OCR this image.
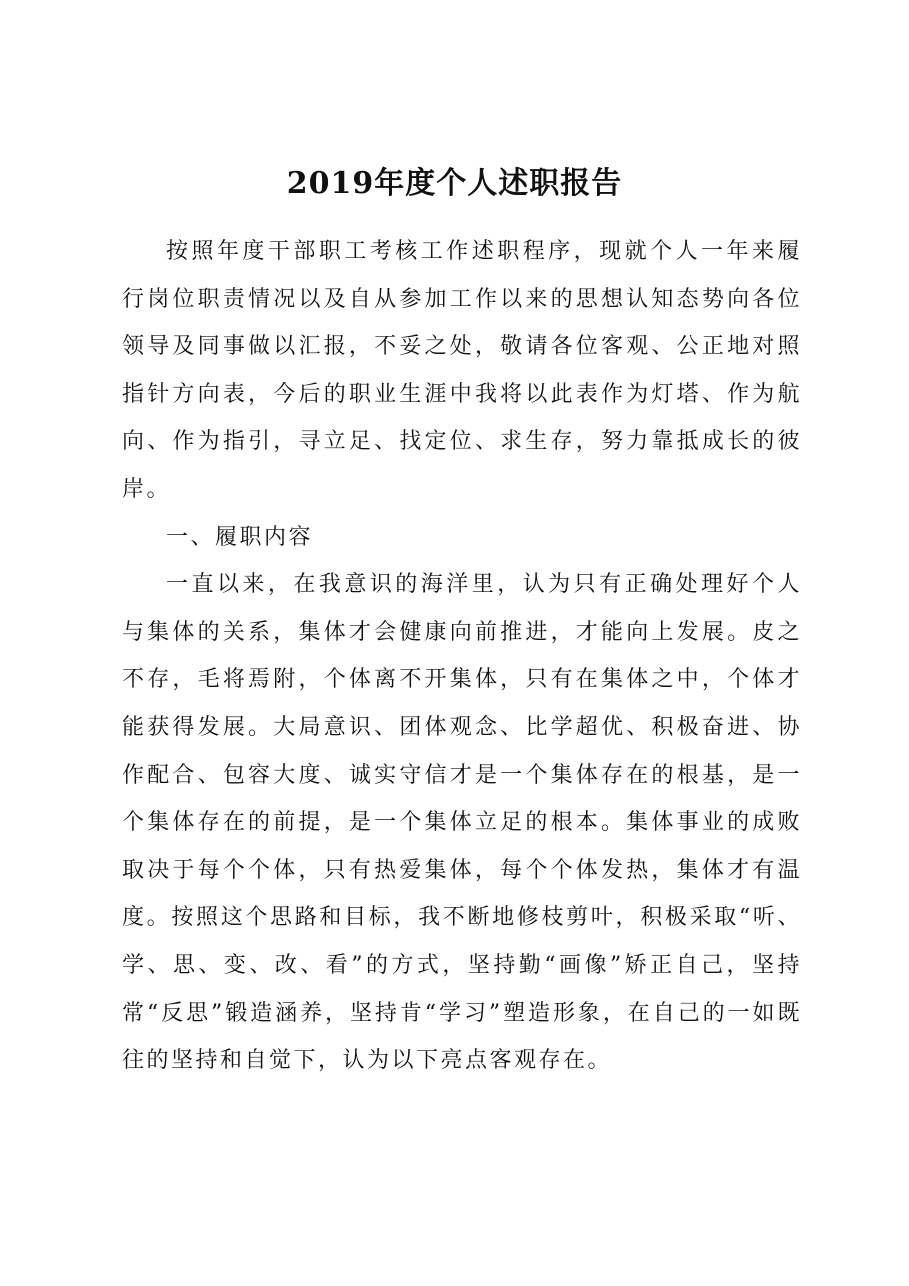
2019年度个人述职报告

按照年度干部职工考核工作述职程序，现就个人一年来履行岗位职责情况以及自从参加工作以来的思想认知态势向各位领导及同事做以汇报，不妥之处，敬请各位客观、公正地对照指针方向表，今后的职业生涯中我将以此表作为灯塔、作为航向、作为指引，寻立足、找定位、求生存，努力靠抵成长的彼岸。

一、履职内容

一直以来，在我意识的海洋里，认为只有正确处理好个人与集体的关系，集体才会健康向前推进，才能向上发展。皮之不存，毛将焉附，个体离不开集体，只有在集体之中，个体才能获得发展。大局意识、团体观念、比学超优、积极奋进、协作配合、包容大度、诚实守信才是一个集体存在的根基，是一个集体存在的前提，是一个集体立足的根本。集体事业的成败取决于每个个体，只有热爱集体，每个个体发热，集体才有温度。按照这个思路和目标，我不断地修枝剪叶，积极采取“听、学、思、变、改、看”的方式，坚持勤“画像”矫正自己，坚持常“反思”锻造涵养，坚持肯“学习”塑造形象，在自己的一如既往的坚持和自觉下，认为以下亮点客观存在。
